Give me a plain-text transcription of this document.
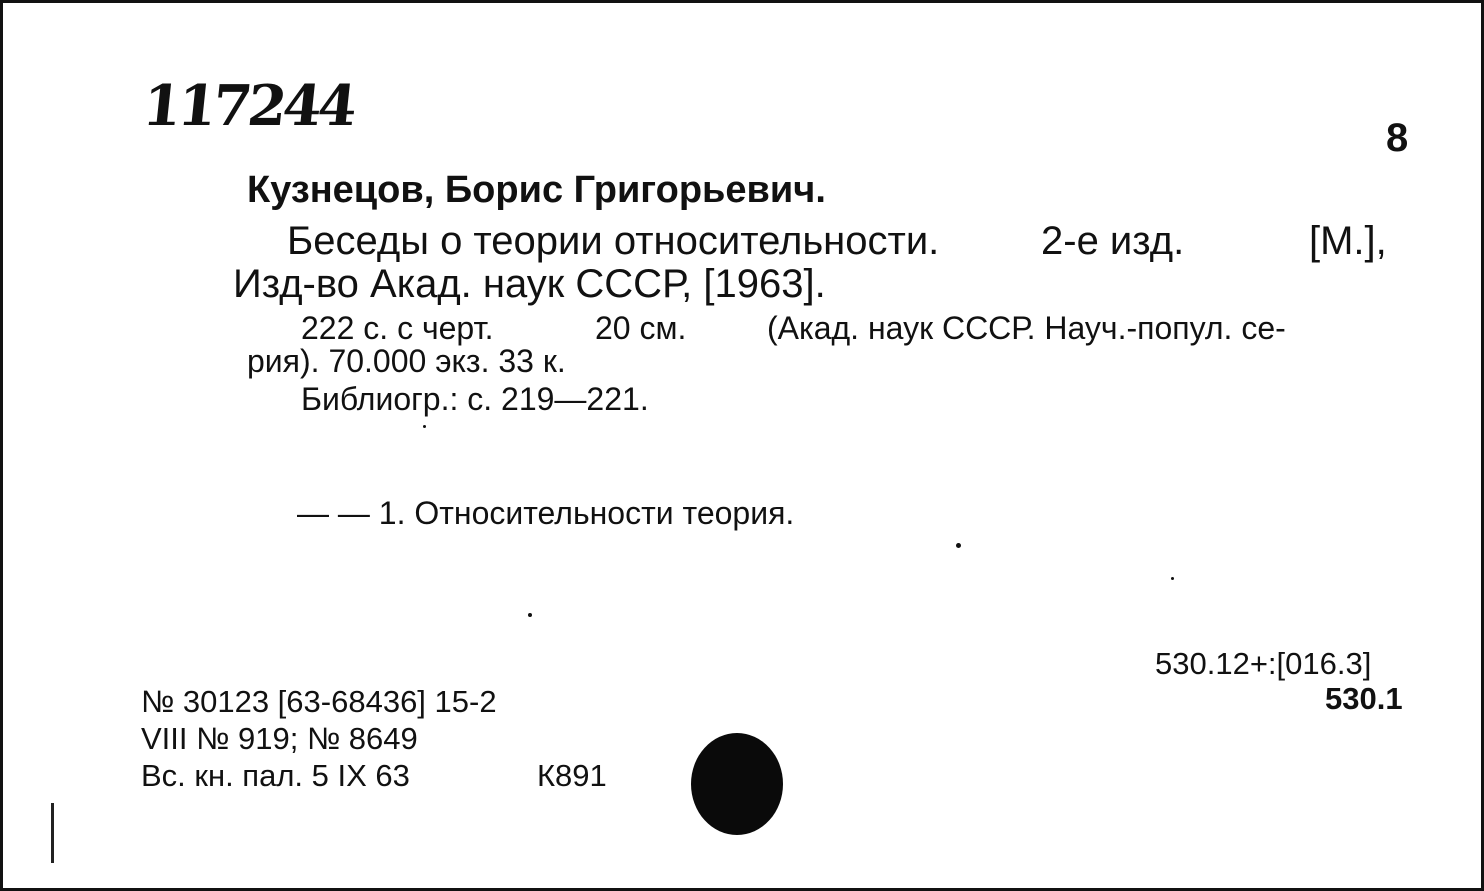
117244	8
Кузнецов, Борис Григорьевич.
Беседы о теории относительности.	2-е изд.	[М.],
Изд-во Акад. наук СССР, [1963].
222 с. с черт.	20 см.	(Акад. наук СССР. Науч.-попул. се-
рия). 70.000 экз. 33 к.
Библиогр.: с. 219—221.
— — 1. Относительности теория.
530.12+:[016.3]
530.1
№ 30123 [63-68436] 15-2
VIII № 919; № 8649
Вс. кн. пал. 5 IX 63	К891
